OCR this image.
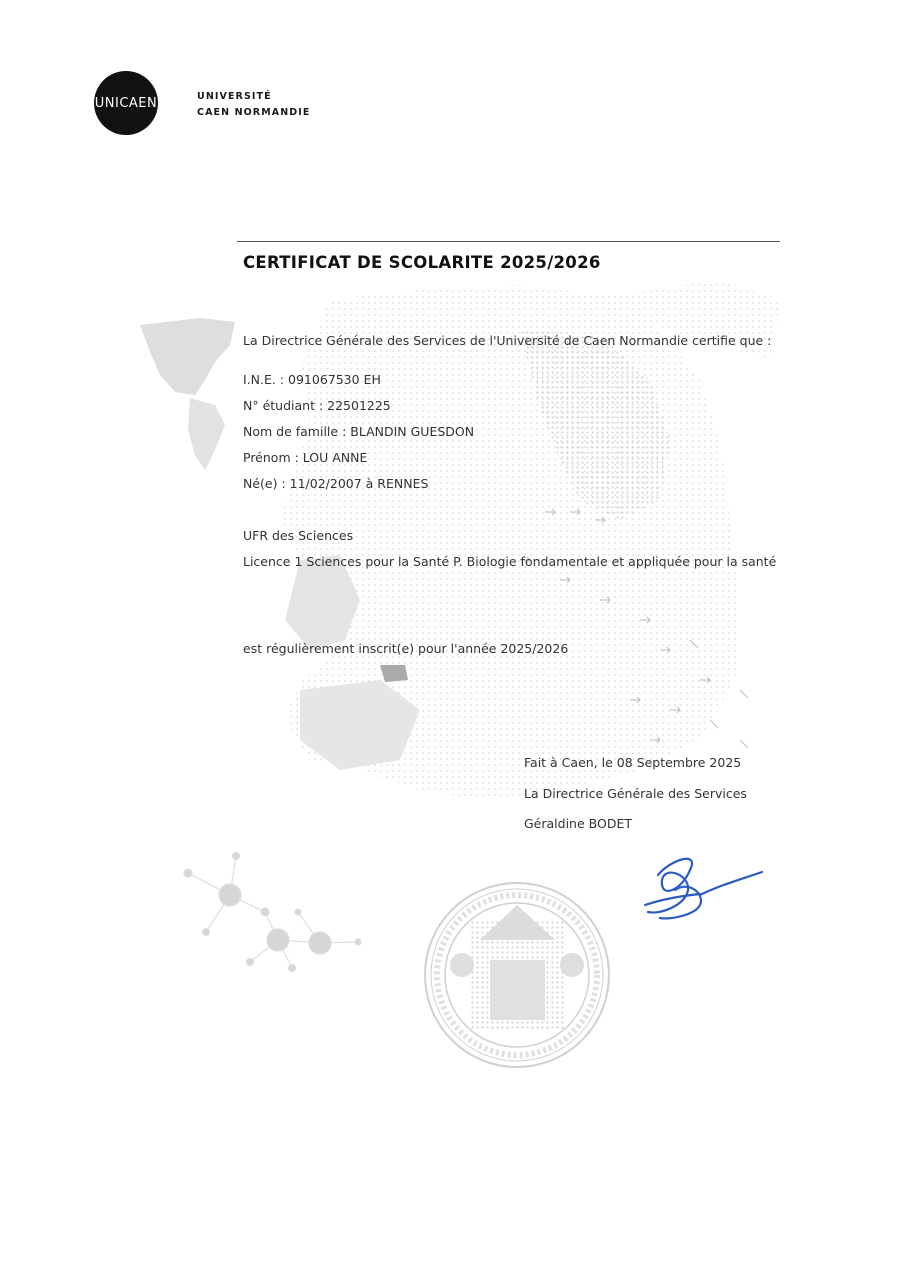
UNICAEN	UNIVERSITÉ
CAEN NORMANDIE
CERTIFICAT DE SCOLARITE 2025/2026
La Directrice Générale des Services de l'Université de Caen Normandie certifie que :
I.N.E. : 091067530 EH
N° étudiant : 22501225
Nom de famille : BLANDIN GUESDON
Prénom : LOU ANNE
Né(e) : 11/02/2007 à RENNES
UFR des Sciences
Licence 1 Sciences pour la Santé P. Biologie fondamentale et appliquée pour la santé
est régulièrement inscrit(e) pour l'année 2025/2026
Fait à Caen, le 08 Septembre 2025
La Directrice Générale des Services
Géraldine BODET
